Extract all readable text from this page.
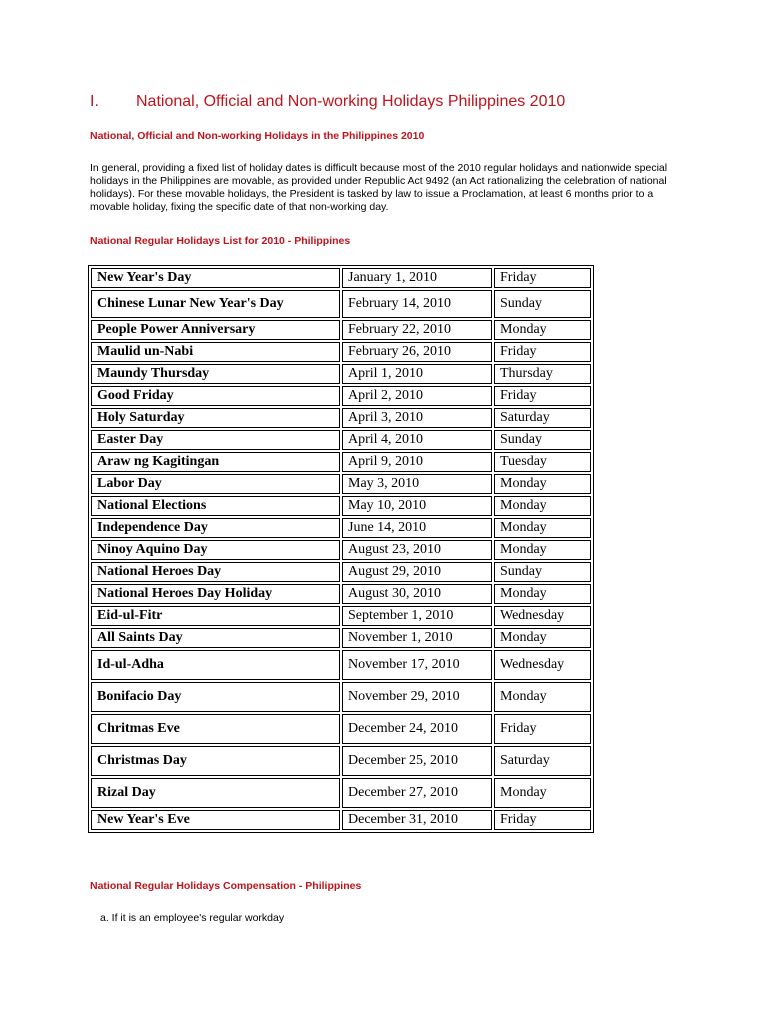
I. National, Official and Non-working Holidays Philippines 2010
National, Official and Non-working Holidays in the Philippines 2010
In general, providing a fixed list of holiday dates is difficult because most of the 2010 regular holidays and nationwide special holidays in the Philippines are movable, as provided under Republic Act 9492 (an Act rationalizing the celebration of national holidays). For these movable holidays, the President is tasked by law to issue a Proclamation, at least 6 months prior to a movable holiday, fixing the specific date of that non-working day.
National Regular Holidays List for 2010 - Philippines
New Year's Day	January 1, 2010	Friday
Chinese Lunar New Year's Day	February 14, 2010	Sunday
People Power Anniversary	February 22, 2010	Monday
Maulid un-Nabi	February 26, 2010	Friday
Maundy Thursday	April 1, 2010	Thursday
Good Friday	April 2, 2010	Friday
Holy Saturday	April 3, 2010	Saturday
Easter Day	April 4, 2010	Sunday
Araw ng Kagitingan	April 9, 2010	Tuesday
Labor Day	May 3, 2010	Monday
National Elections	May 10, 2010	Monday
Independence Day	June 14, 2010	Monday
Ninoy Aquino Day	August 23, 2010	Monday
National Heroes Day	August 29, 2010	Sunday
National Heroes Day Holiday	August 30, 2010	Monday
Eid-ul-Fitr	September 1, 2010	Wednesday
All Saints Day	November 1, 2010	Monday
Id-ul-Adha	November 17, 2010	Wednesday
Bonifacio Day	November 29, 2010	Monday
Chritmas Eve	December 24, 2010	Friday
Christmas Day	December 25, 2010	Saturday
Rizal Day	December 27, 2010	Monday
New Year's Eve	December 31, 2010	Friday
National Regular Holidays Compensation - Philippines
a. If it is an employee's regular workday
